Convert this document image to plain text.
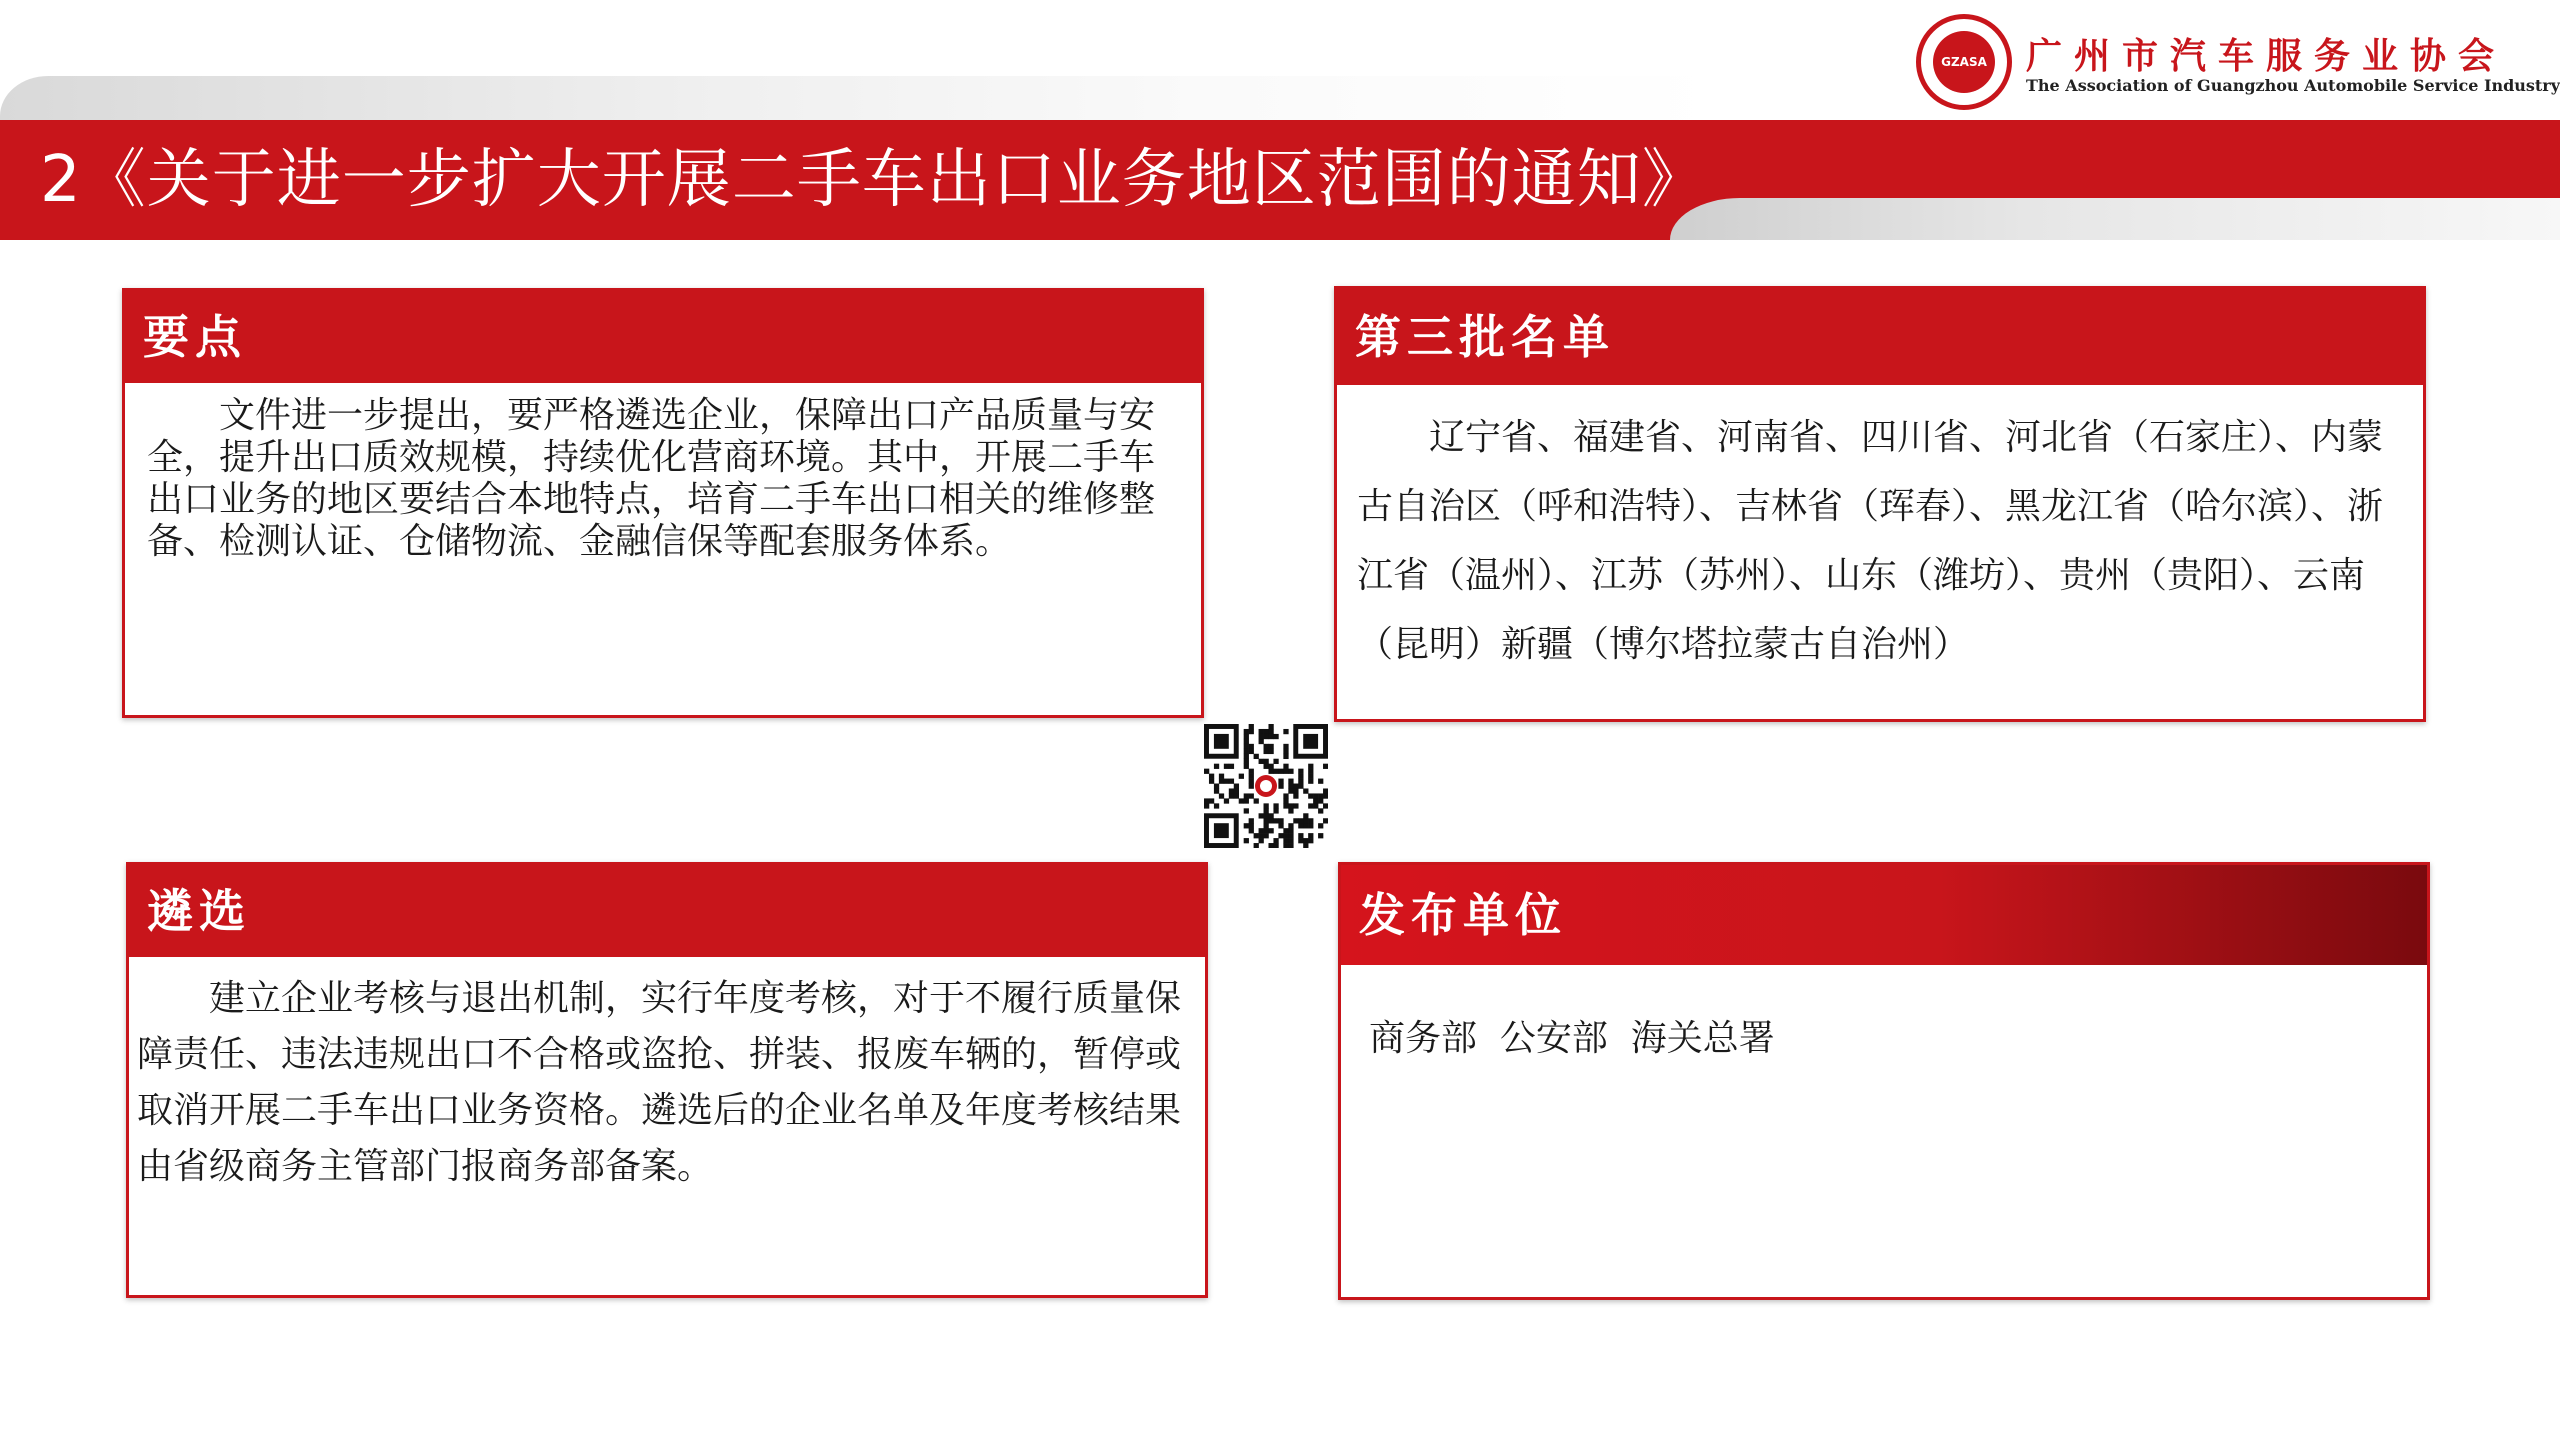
2《关于进一步扩大开展二手车出口业务地区范围的通知》
GZASA 广州市汽车服务业协会
The Association of Guangzhou Automobile Service Industry
要点
文件进一步提出，要严格遴选企业，保障出口产品质量与安全，提升出口质效规模，持续优化营商环境。其中，开展二手车出口业务的地区要结合本地特点，培育二手车出口相关的维修整备、检测认证、仓储物流、金融信保等配套服务体系。
第三批名单
辽宁省、福建省、河南省、四川省、河北省（石家庄）、内蒙古自治区（呼和浩特）、吉林省（珲春）、黑龙江省（哈尔滨）、浙江省（温州）、江苏（苏州）、山东（潍坊）、贵州（贵阳）、云南（昆明）新疆（博尔塔拉蒙古自治州）
遴选
建立企业考核与退出机制，实行年度考核，对于不履行质量保障责任、违法违规出口不合格或盗抢、拼装、报废车辆的，暂停或取消开展二手车出口业务资格。遴选后的企业名单及年度考核结果由省级商务主管部门报商务部备案。
发布单位
商务部  公安部  海关总署
